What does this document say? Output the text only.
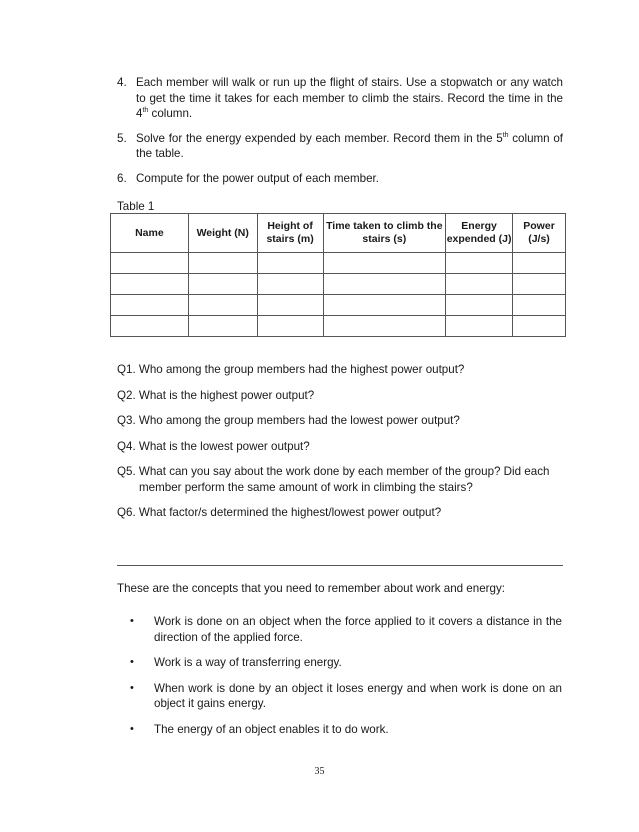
4. Each member will walk or run up the flight of stairs. Use a stopwatch or any watch to get the time it takes for each member to climb the stairs. Record the time in the 4th column.
5. Solve for the energy expended by each member. Record them in the 5th column of the table.
6. Compute for the power output of each member.
Table 1
Name	Weight (N)	Height of stairs (m)	Time taken to climb the stairs (s)	Energy expended (J)	Power (J/s)

Q1. Who among the group members had the highest power output?
Q2. What is the highest power output?
Q3. Who among the group members had the lowest power output?
Q4. What is the lowest power output?
Q5. What can you say about the work done by each member of the group? Did each
member perform the same amount of work in climbing the stairs?
Q6. What factor/s determined the highest/lowest power output?
These are the concepts that you need to remember about work and energy:
•	Work is done on an object when the force applied to it covers a distance in the direction of the applied force.
•	Work is a way of transferring energy.
•	When work is done by an object it loses energy and when work is done on an object it gains energy.
•	The energy of an object enables it to do work.
35
